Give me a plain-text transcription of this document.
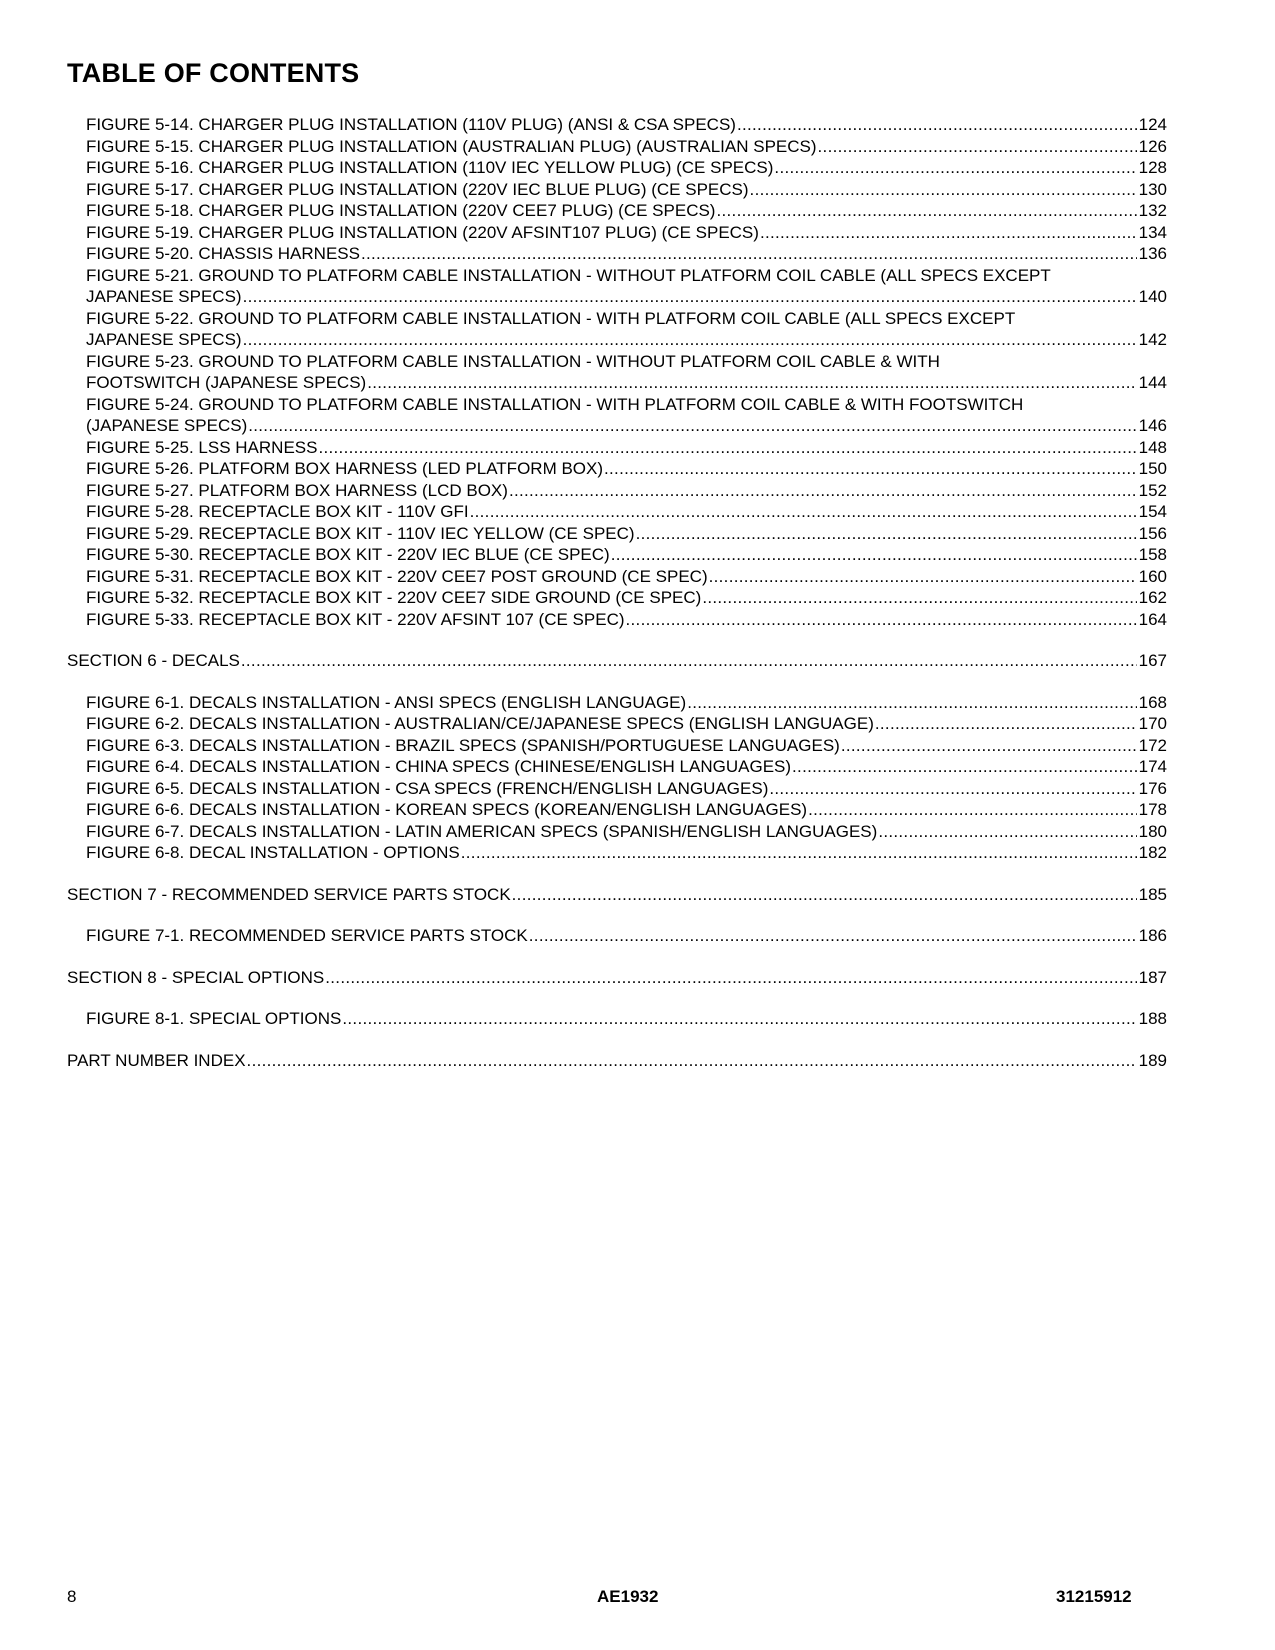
TABLE OF CONTENTS
FIGURE 5-14. CHARGER PLUG INSTALLATION (110V PLUG) (ANSI & CSA SPECS) .....	124
FIGURE 5-15. CHARGER PLUG INSTALLATION (AUSTRALIAN PLUG) (AUSTRALIAN SPECS) .....	126
FIGURE 5-16. CHARGER PLUG INSTALLATION (110V IEC YELLOW PLUG) (CE SPECS) .....	128
FIGURE 5-17. CHARGER PLUG INSTALLATION (220V IEC BLUE PLUG) (CE SPECS) .....	130
FIGURE 5-18. CHARGER PLUG INSTALLATION (220V CEE7 PLUG) (CE SPECS) .....	132
FIGURE 5-19. CHARGER PLUG INSTALLATION (220V AFSINT107 PLUG) (CE SPECS) .....	134
FIGURE 5-20. CHASSIS HARNESS .....	136
FIGURE 5-21. GROUND TO PLATFORM CABLE INSTALLATION - WITHOUT PLATFORM COIL CABLE (ALL SPECS EXCEPT
JAPANESE SPECS) .....	140
FIGURE 5-22. GROUND TO PLATFORM CABLE INSTALLATION - WITH PLATFORM COIL CABLE (ALL SPECS EXCEPT
JAPANESE SPECS) .....	142
FIGURE 5-23. GROUND TO PLATFORM CABLE INSTALLATION - WITHOUT PLATFORM COIL CABLE & WITH
FOOTSWITCH (JAPANESE SPECS) .....	144
FIGURE 5-24. GROUND TO PLATFORM CABLE INSTALLATION - WITH PLATFORM COIL CABLE & WITH FOOTSWITCH
(JAPANESE SPECS) .....	146
FIGURE 5-25. LSS HARNESS .....	148
FIGURE 5-26. PLATFORM BOX HARNESS (LED PLATFORM BOX) .....	150
FIGURE 5-27. PLATFORM BOX HARNESS (LCD BOX) .....	152
FIGURE 5-28. RECEPTACLE BOX KIT - 110V GFI .....	154
FIGURE 5-29. RECEPTACLE BOX KIT - 110V IEC YELLOW (CE SPEC) .....	156
FIGURE 5-30. RECEPTACLE BOX KIT - 220V IEC BLUE (CE SPEC) .....	158
FIGURE 5-31. RECEPTACLE BOX KIT - 220V CEE7 POST GROUND (CE SPEC) .....	160
FIGURE 5-32. RECEPTACLE BOX KIT - 220V CEE7 SIDE GROUND (CE SPEC) .....	162
FIGURE 5-33. RECEPTACLE BOX KIT - 220V AFSINT 107 (CE SPEC) .....	164
SECTION 6 - DECALS .....	167
FIGURE 6-1. DECALS INSTALLATION - ANSI SPECS (ENGLISH LANGUAGE) .....	168
FIGURE 6-2. DECALS INSTALLATION - AUSTRALIAN/CE/JAPANESE SPECS (ENGLISH LANGUAGE) .....	170
FIGURE 6-3. DECALS INSTALLATION - BRAZIL SPECS (SPANISH/PORTUGUESE LANGUAGES) .....	172
FIGURE 6-4. DECALS INSTALLATION - CHINA SPECS (CHINESE/ENGLISH LANGUAGES) .....	174
FIGURE 6-5. DECALS INSTALLATION - CSA SPECS (FRENCH/ENGLISH LANGUAGES) .....	176
FIGURE 6-6. DECALS INSTALLATION - KOREAN SPECS (KOREAN/ENGLISH LANGUAGES) .....	178
FIGURE 6-7. DECALS INSTALLATION - LATIN AMERICAN SPECS (SPANISH/ENGLISH LANGUAGES) .....	180
FIGURE 6-8. DECAL INSTALLATION - OPTIONS .....	182
SECTION 7 - RECOMMENDED SERVICE PARTS STOCK .....	185
FIGURE 7-1. RECOMMENDED SERVICE PARTS STOCK .....	186
SECTION 8 - SPECIAL OPTIONS .....	187
FIGURE 8-1. SPECIAL OPTIONS .....	188
PART NUMBER INDEX .....	189
8	AE1932	31215912
